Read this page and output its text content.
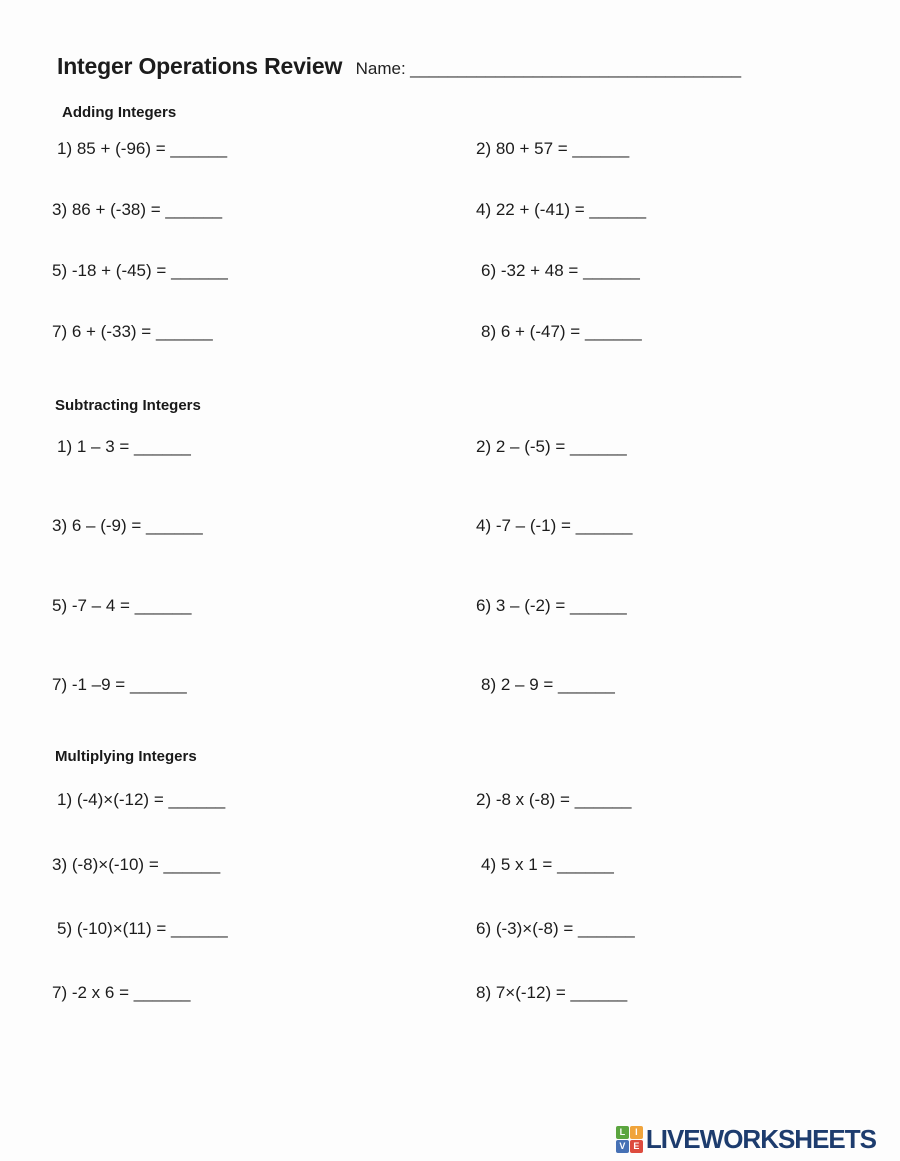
Integer Operations Review Name: ___________________________________
Adding Integers
1) 85 + (-96) = ______	2) 80 + 57 = ______
3) 86 + (-38) = ______	4) 22 + (-41) = ______
5) -18 + (-45) = ______	6) -32 + 48 = ______
7) 6 + (-33) = ______	8) 6 + (-47) = ______
Subtracting Integers
1) 1 – 3 = ______	2) 2 – (-5) = ______
3) 6 – (-9) = ______	4) -7 – (-1) = ______
5) -7 – 4 = ______	6) 3 – (-2) = ______
7) -1 –9 = ______	8) 2 – 9 = ______
Multiplying Integers
1) (-4)×(-12) = ______	2) -8 x (-8) = ______
3) (-8)×(-10) = ______	4) 5 x 1 = ______
5) (-10)×(11) = ______	6) (-3)×(-8) = ______
7) -2 x 6 = ______	8) 7×(-12) = ______
L	I
V E LIVEWORKSHEETS
